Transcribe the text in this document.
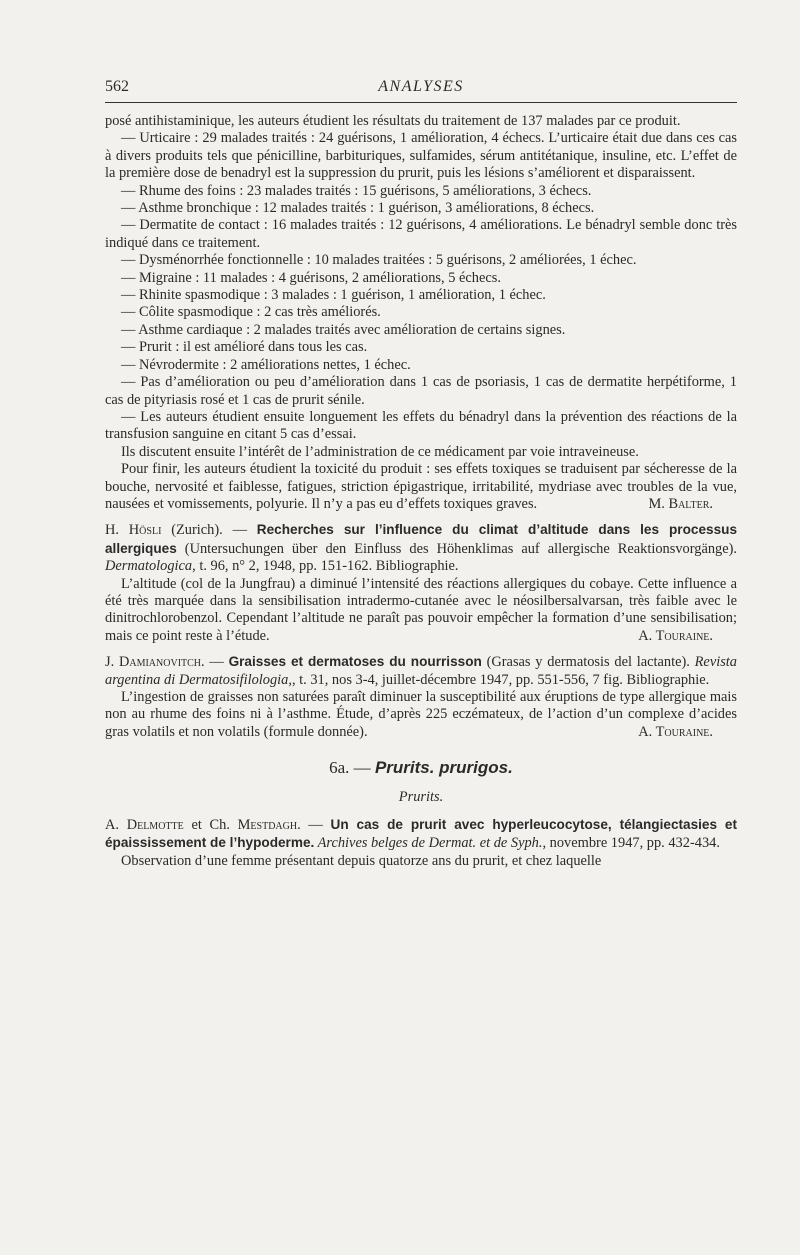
562	ANALYSES

posé antihistaminique, les auteurs étudient les résultats du traitement de 137 malades par ce produit.

— Urticaire : 29 malades traités : 24 guérisons, 1 amélioration, 4 échecs. L’urticaire était due dans ces cas à divers produits tels que pénicilline, barbituriques, sulfamides, sérum antitétanique, insuline, etc. L’effet de la première dose de benadryl est la suppression du prurit, puis les lésions s’améliorent et disparaissent.

— Rhume des foins : 23 malades traités : 15 guérisons, 5 améliorations, 3 échecs.

— Asthme bronchique : 12 malades traités : 1 guérison, 3 améliorations, 8 échecs.

— Dermatite de contact : 16 malades traités : 12 guérisons, 4 améliorations. Le bénadryl semble donc très indiqué dans ce traitement.

— Dysménorrhée fonctionnelle : 10 malades traitées : 5 guérisons, 2 améliorées, 1 échec.

— Migraine : 11 malades : 4 guérisons, 2 améliorations, 5 échecs.

— Rhinite spasmodique : 3 malades : 1 guérison, 1 amélioration, 1 échec.

— Côlite spasmodique : 2 cas très améliorés.

— Asthme cardiaque : 2 malades traités avec amélioration de certains signes.

— Prurit : il est amélioré dans tous les cas.

— Névrodermite : 2 améliorations nettes, 1 échec.

— Pas d’amélioration ou peu d’amélioration dans 1 cas de psoriasis, 1 cas de dermatite herpétiforme, 1 cas de pityriasis rosé et 1 cas de prurit sénile.

— Les auteurs étudient ensuite longuement les effets du bénadryl dans la prévention des réactions de la transfusion sanguine en citant 5 cas d’essai.

Ils discutent ensuite l’intérêt de l’administration de ce médicament par voie intraveineuse.

Pour finir, les auteurs étudient la toxicité du produit : ses effets toxiques se traduisent par sécheresse de la bouche, nervosité et faiblesse, fatigues, striction épigastrique, irritabilité, mydriase avec troubles de la vue, nausées et vomissements, polyurie. Il n’y a pas eu d’effets toxiques graves.	M. Balter.

H. Hösli (Zurich). — Recherches sur l’influence du climat d’altitude dans les processus allergiques (Untersuchungen über den Einfluss des Höhenklimas auf allergische Reaktionsvorgänge). Dermatologica, t. 96, n° 2, 1948, pp. 151-162. Bibliographie.

L’altitude (col de la Jungfrau) a diminué l’intensité des réactions allergiques du cobaye. Cette influence a été très marquée dans la sensibilisation intradermo-cutanée avec le néosilbersalvarsan, très faible avec le dinitrochlorobenzol. Cependant l’altitude ne paraît pas pouvoir empêcher la formation d’une sensibilisation; mais ce point reste à l’étude.	A. Touraine.

J. Damianovitch. — Graisses et dermatoses du nourrisson (Grasas y dermatosis del lactante). Revista argentina di Dermatosifilologia,, t. 31, nos 3-4, juillet-décembre 1947, pp. 551-556, 7 fig. Bibliographie.

L’ingestion de graisses non saturées paraît diminuer la susceptibilité aux éruptions de type allergique mais non au rhume des foins ni à l’asthme. Étude, d’après 225 eczémateux, de l’action d’un complexe d’acides gras volatils et non volatils (formule donnée).	A. Touraine.

6a. — Prurits. prurigos.
Prurits.

A. Delmotte et Ch. Mestdagh. — Un cas de prurit avec hyperleucocytose, télangiectasies et épaississement de l’hypoderme. Archives belges de Dermat. et de Syph., novembre 1947, pp. 432-434.

Observation d’une femme présentant depuis quatorze ans du prurit, et chez laquelle
